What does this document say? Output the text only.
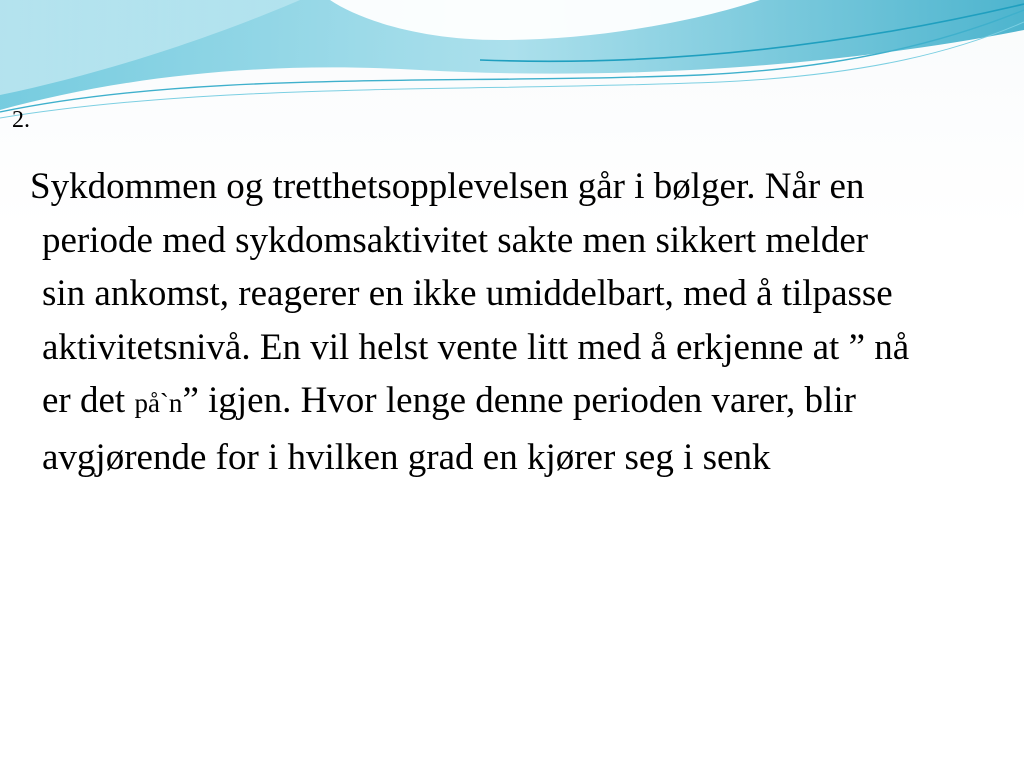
2.

Sykdommen og tretthetsopplevelsen går i bølger. Når en periode med sykdomsaktivitet sakte men sikkert melder sin ankomst, reagerer en ikke umiddelbart, med å tilpasse aktivitetsnivå. En vil helst vente litt med å erkjenne at ” nå er det på`n” igjen. Hvor lenge denne perioden varer, blir avgjørende for i hvilken grad en kjører seg i senk
